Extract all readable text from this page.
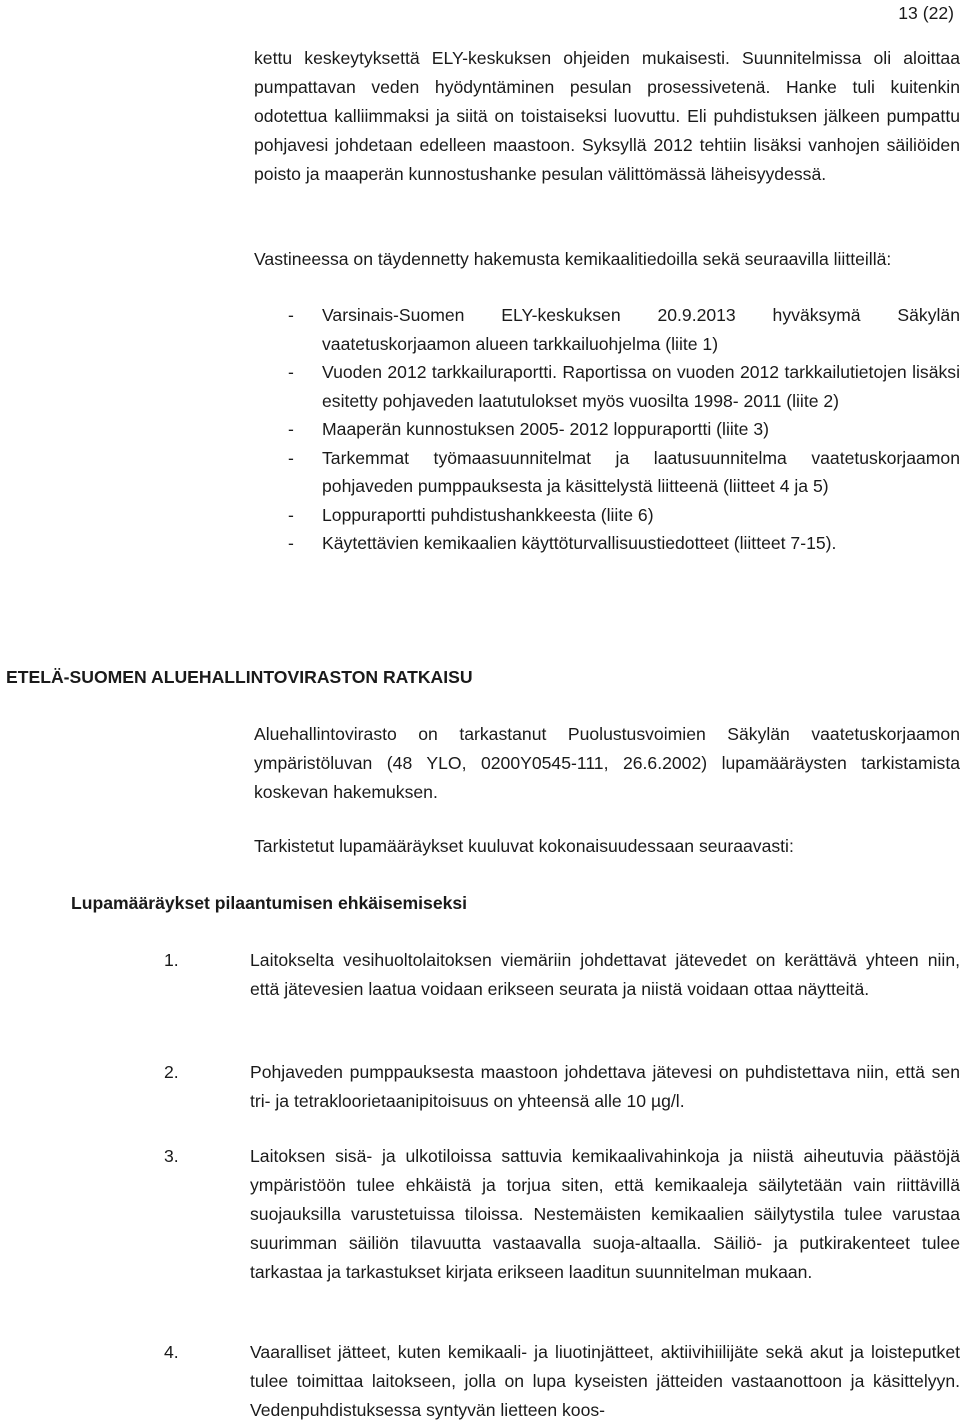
13 (22)

kettu keskeytyksettä ELY-keskuksen ohjeiden mukaisesti. Suunnitelmissa oli aloittaa pumpattavan veden hyödyntäminen pesulan prosessivetenä. Hanke tuli kuitenkin odotettua kalliimmaksi ja siitä on toistaiseksi luovuttu. Eli puhdistuksen jälkeen pumpattu pohjavesi johdetaan edelleen maastoon. Syksyllä 2012 tehtiin lisäksi vanhojen säiliöiden poisto ja maaperän kunnostushanke pesulan välittömässä läheisyydessä.

Vastineessa on täydennetty hakemusta kemikaalitiedoilla sekä seuraavilla liitteillä:

- Varsinais-Suomen ELY-keskuksen 20.9.2013 hyväksymä Säkylän vaatetuskorjaamon alueen tarkkailuohjelma (liite 1)
- Vuoden 2012 tarkkailuraportti. Raportissa on vuoden 2012 tarkkailutietojen lisäksi esitetty pohjaveden laatutulokset myös vuosilta 1998- 2011 (liite 2)
- Maaperän kunnostuksen 2005- 2012 loppuraportti (liite 3)
- Tarkemmat työmaasuunnitelmat ja laatusuunnitelma vaatetuskorjaamon pohjaveden pumppauksesta ja käsittelystä liitteenä (liitteet 4 ja 5)
- Loppuraportti puhdistushankkeesta (liite 6)
- Käytettävien kemikaalien käyttöturvallisuustiedotteet (liitteet 7-15).
ETELÄ-SUOMEN ALUEHALLINTOVIRASTON RATKAISU

Aluehallintovirasto on tarkastanut Puolustusvoimien Säkylän vaatetuskorjaamon ympäristöluvan (48 YLO, 0200Y0545-111, 26.6.2002) lupamääräysten tarkistamista koskevan hakemuksen.

Tarkistetut lupamääräykset kuuluvat kokonaisuudessaan seuraavasti:

Lupamääräykset pilaantumisen ehkäisemiseksi
1.	Laitokselta vesihuoltolaitoksen viemäriin johdettavat jätevedet on kerättävä yhteen niin, että jätevesien laatua voidaan erikseen seurata ja niistä voidaan ottaa näytteitä.
2.	Pohjaveden pumppauksesta maastoon johdettava jätevesi on puhdistettava niin, että sen tri- ja tetrakloorietaanipitoisuus on yhteensä alle 10 µg/l.
3.	Laitoksen sisä- ja ulkotiloissa sattuvia kemikaalivahinkoja ja niistä aiheutuvia päästöjä ympäristöön tulee ehkäistä ja torjua siten, että kemikaaleja säilytetään vain riittävillä suojauksilla varustetuissa tiloissa. Nestemäisten kemikaalien säilytystila tulee varustaa suurimman säiliön tilavuutta vastaavalla suoja-altaalla. Säiliö- ja putkirakenteet tulee tarkastaa ja tarkastukset kirjata erikseen laaditun suunnitelman mukaan.
4.	Vaaralliset jätteet, kuten kemikaali- ja liuotinjätteet, aktiivihiilijäte sekä akut ja loisteputket tulee toimittaa laitokseen, jolla on lupa kyseisten jätteiden vastaanottoon ja käsittelyyn. Vedenpuhdistuksessa syntyvän lietteen koos-
